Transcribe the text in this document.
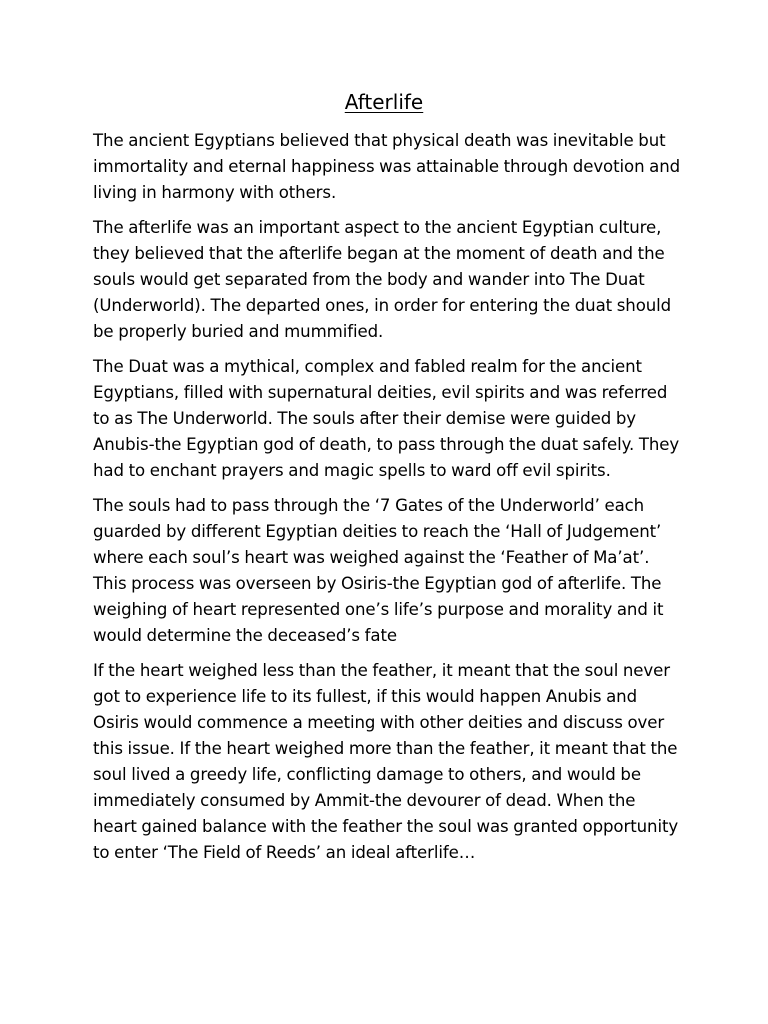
Afterlife

The ancient Egyptians believed that physical death was inevitable but immortality and eternal happiness was attainable through devotion and living in harmony with others.

The afterlife was an important aspect to the ancient Egyptian culture, they believed that the afterlife began at the moment of death and the souls would get separated from the body and wander into The Duat (Underworld). The departed ones, in order for entering the duat should be properly buried and mummified.

The Duat was a mythical, complex and fabled realm for the ancient Egyptians, filled with supernatural deities, evil spirits and was referred to as The Underworld. The souls after their demise were guided by Anubis-the Egyptian god of death, to pass through the duat safely. They had to enchant prayers and magic spells to ward off evil spirits.

The souls had to pass through the ‘7 Gates of the Underworld’ each guarded by different Egyptian deities to reach the ‘Hall of Judgement’ where each soul’s heart was weighed against the ‘Feather of Ma’at’. This process was overseen by Osiris-the Egyptian god of afterlife. The weighing of heart represented one’s life’s purpose and morality and it would determine the deceased’s fate

If the heart weighed less than the feather, it meant that the soul never got to experience life to its fullest, if this would happen Anubis and Osiris would commence a meeting with other deities and discuss over this issue. If the heart weighed more than the feather, it meant that the soul lived a greedy life, conflicting damage to others, and would be immediately consumed by Ammit-the devourer of dead. When the heart gained balance with the feather the soul was granted opportunity to enter ‘The Field of Reeds’ an ideal afterlife…
